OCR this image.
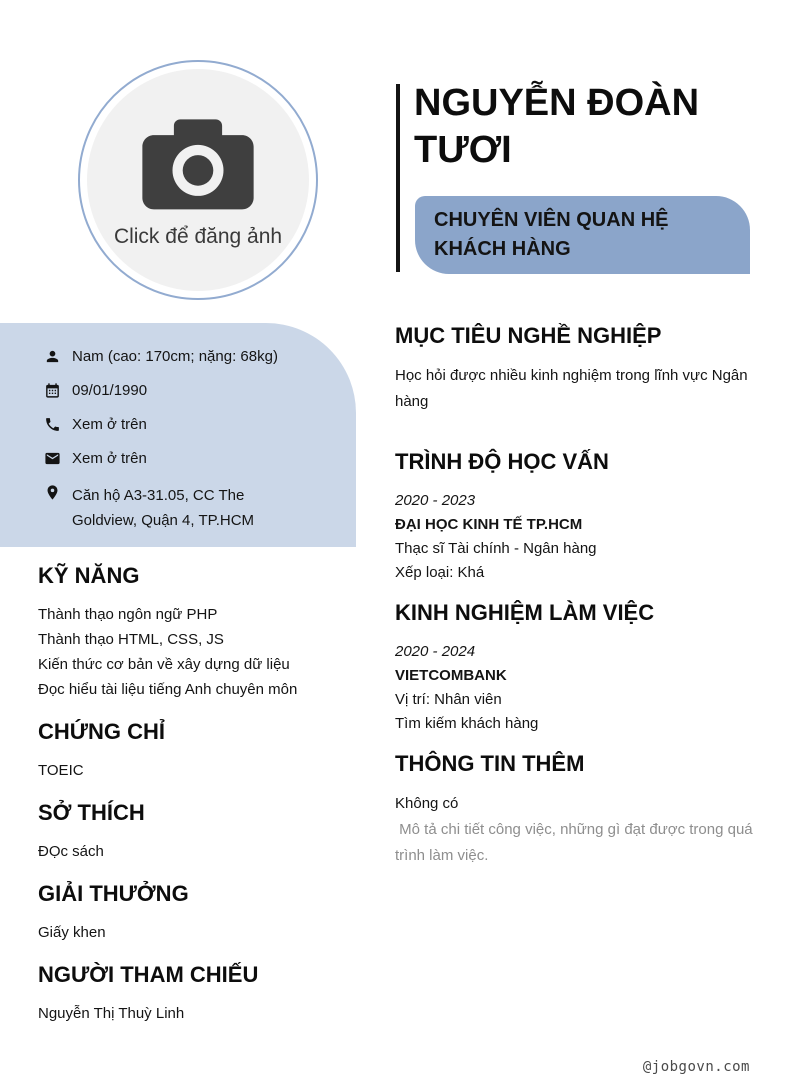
Click để đăng ảnh
NGUYỄN ĐOÀN TƯƠI
CHUYÊN VIÊN QUAN HỆ KHÁCH HÀNG
Nam (cao: 170cm; nặng: 68kg)
09/01/1990
Xem ở trên
Xem ở trên
Căn hộ A3-31.05, CC The Goldview, Quận 4, TP.HCM
KỸ NĂNG
Thành thạo ngôn ngữ PHP
Thành thạo HTML, CSS, JS
Kiến thức cơ bản về xây dựng dữ liệu
Đọc hiểu tài liệu tiếng Anh chuyên môn
CHỨNG CHỈ
TOEIC
SỞ THÍCH
ĐỌc sách
GIẢI THƯỞNG
Giấy khen
NGƯỜI THAM CHIẾU
Nguyễn Thị Thuỳ Linh
MỤC TIÊU NGHỀ NGHIỆP

Học hỏi được nhiều kinh nghiệm trong lĩnh vực Ngân hàng

TRÌNH ĐỘ HỌC VẤN
2020 - 2023
ĐẠI HỌC KINH TẾ TP.HCM
Thạc sĩ Tài chính - Ngân hàng
Xếp loại: Khá
KINH NGHIỆM LÀM VIỆC
2020 - 2024
VIETCOMBANK
Vị trí: Nhân viên
Tìm kiếm khách hàng
THÔNG TIN THÊM
Không có
Mô tả chi tiết công việc, những gì đạt được trong quá trình làm việc.
@jobgovn.com
